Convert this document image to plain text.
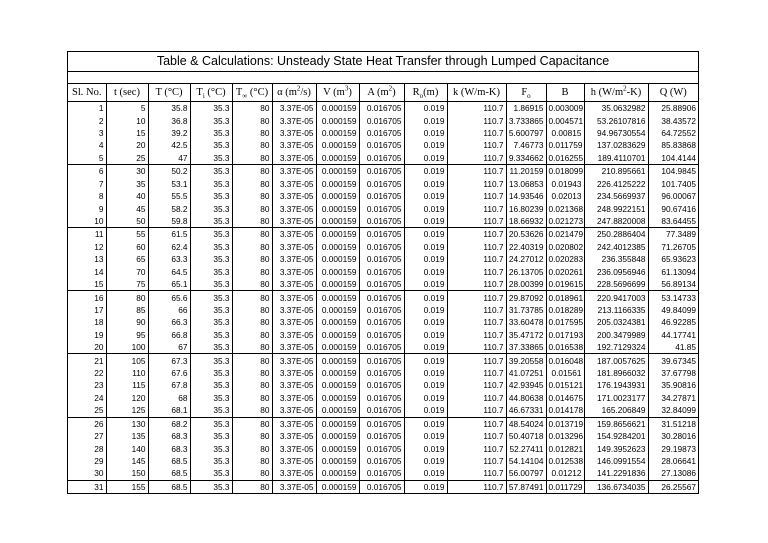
Table & Calculations: Unsteady State Heat Transfer through Lumped Capacitance
Sl. No.	t (sec)	T (°C)	$T_i$ (°C)	$T_\infty$ (°C)	α $(m^2/s)$	V $(m^3)$	A $(m^2)$	$R_o(m)$	k (W/m-K)	$F_o$	B	h $(W/m^2-K)$	Q (W)
1	5	35.8	35.3	80	3.37E-05	0.000159	0.016705	0.019	110.7	1.86915	0.003009	35.0632982	25.88906
2	10	36.8	35.3	80	3.37E-05	0.000159	0.016705	0.019	110.7	3.733865	0.004571	53.26107816	38.43572
3	15	39.2	35.3	80	3.37E-05	0.000159	0.016705	0.019	110.7	5.600797	0.00815	94.96730554	64.72552
4	20	42.5	35.3	80	3.37E-05	0.000159	0.016705	0.019	110.7	7.46773	0.011759	137.0283629	85.83868
5	25	47	35.3	80	3.37E-05	0.000159	0.016705	0.019	110.7	9.334662	0.016255	189.4110701	104.4144
6	30	50.2	35.3	80	3.37E-05	0.000159	0.016705	0.019	110.7	11.20159	0.018099	210.895661	104.9845
7	35	53.1	35.3	80	3.37E-05	0.000159	0.016705	0.019	110.7	13.06853	0.01943	226.4125222	101.7405
8	40	55.5	35.3	80	3.37E-05	0.000159	0.016705	0.019	110.7	14.93546	0.02013	234.5669937	96.00067
9	45	58.2	35.3	80	3.37E-05	0.000159	0.016705	0.019	110.7	16.80239	0.021368	248.9922151	90.67416
10	50	59.8	35.3	80	3.37E-05	0.000159	0.016705	0.019	110.7	18.66932	0.021273	247.8820008	83.64455
11	55	61.5	35.3	80	3.37E-05	0.000159	0.016705	0.019	110.7	20.53626	0.021479	250.2886404	77.3489
12	60	62.4	35.3	80	3.37E-05	0.000159	0.016705	0.019	110.7	22.40319	0.020802	242.4012385	71.26705
13	65	63.3	35.3	80	3.37E-05	0.000159	0.016705	0.019	110.7	24.27012	0.020283	236.355848	65.93623
14	70	64.5	35.3	80	3.37E-05	0.000159	0.016705	0.019	110.7	26.13705	0.020261	236.0956946	61.13094
15	75	65.1	35.3	80	3.37E-05	0.000159	0.016705	0.019	110.7	28.00399	0.019615	228.5696699	56.89134
16	80	65.6	35.3	80	3.37E-05	0.000159	0.016705	0.019	110.7	29.87092	0.018961	220.9417003	53.14733
17	85	66	35.3	80	3.37E-05	0.000159	0.016705	0.019	110.7	31.73785	0.018289	213.1166335	49.84099
18	90	66.3	35.3	80	3.37E-05	0.000159	0.016705	0.019	110.7	33.60478	0.017595	205.0324381	46.92285
19	95	66.8	35.3	80	3.37E-05	0.000159	0.016705	0.019	110.7	35.47172	0.017193	200.3479989	44.17741
20	100	67	35.3	80	3.37E-05	0.000159	0.016705	0.019	110.7	37.33865	0.016538	192.7129324	41.85
21	105	67.3	35.3	80	3.37E-05	0.000159	0.016705	0.019	110.7	39.20558	0.016048	187.0057625	39.67345
22	110	67.6	35.3	80	3.37E-05	0.000159	0.016705	0.019	110.7	41.07251	0.01561	181.8966032	37.67798
23	115	67.8	35.3	80	3.37E-05	0.000159	0.016705	0.019	110.7	42.93945	0.015121	176.1943931	35.90816
24	120	68	35.3	80	3.37E-05	0.000159	0.016705	0.019	110.7	44.80638	0.014675	171.0023177	34.27871
25	125	68.1	35.3	80	3.37E-05	0.000159	0.016705	0.019	110.7	46.67331	0.014178	165.206849	32.84099
26	130	68.2	35.3	80	3.37E-05	0.000159	0.016705	0.019	110.7	48.54024	0.013719	159.8656621	31.51218
27	135	68.3	35.3	80	3.37E-05	0.000159	0.016705	0.019	110.7	50.40718	0.013296	154.9284201	30.28016
28	140	68.3	35.3	80	3.37E-05	0.000159	0.016705	0.019	110.7	52.27411	0.012821	149.3952623	29.19873
29	145	68.5	35.3	80	3.37E-05	0.000159	0.016705	0.019	110.7	54.14104	0.012538	146.0991554	28.06641
30	150	68.5	35.3	80	3.37E-05	0.000159	0.016705	0.019	110.7	56.00797	0.01212	141.2291836	27.13086
31	155	68.5	35.3	80	3.37E-05	0.000159	0.016705	0.019	110.7	57.87491	0.011729	136.6734035	26.25567
